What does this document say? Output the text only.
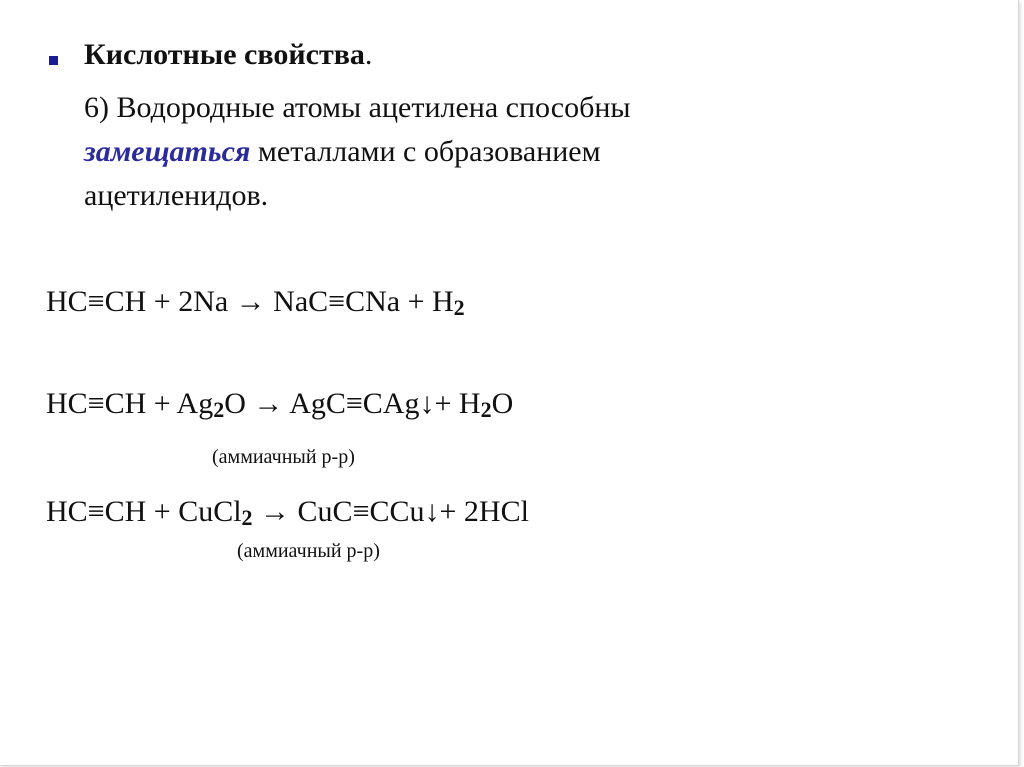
Кислотные свойства.
6) Водородные атомы ацетилена способны
замещаться металлами с образованием
ацетиленидов.
$HC\equiv CH + 2Na \to NaC\equiv CNa + H_2$
$HC\equiv CH + Ag_2O$ → AgC≡CAg↓+ $H_2O$
(аммиачный р-р)
HC≡CH + CuCl$_2$ → CuC≡CCu↓+ 2HCl
(аммиачный р-р)
